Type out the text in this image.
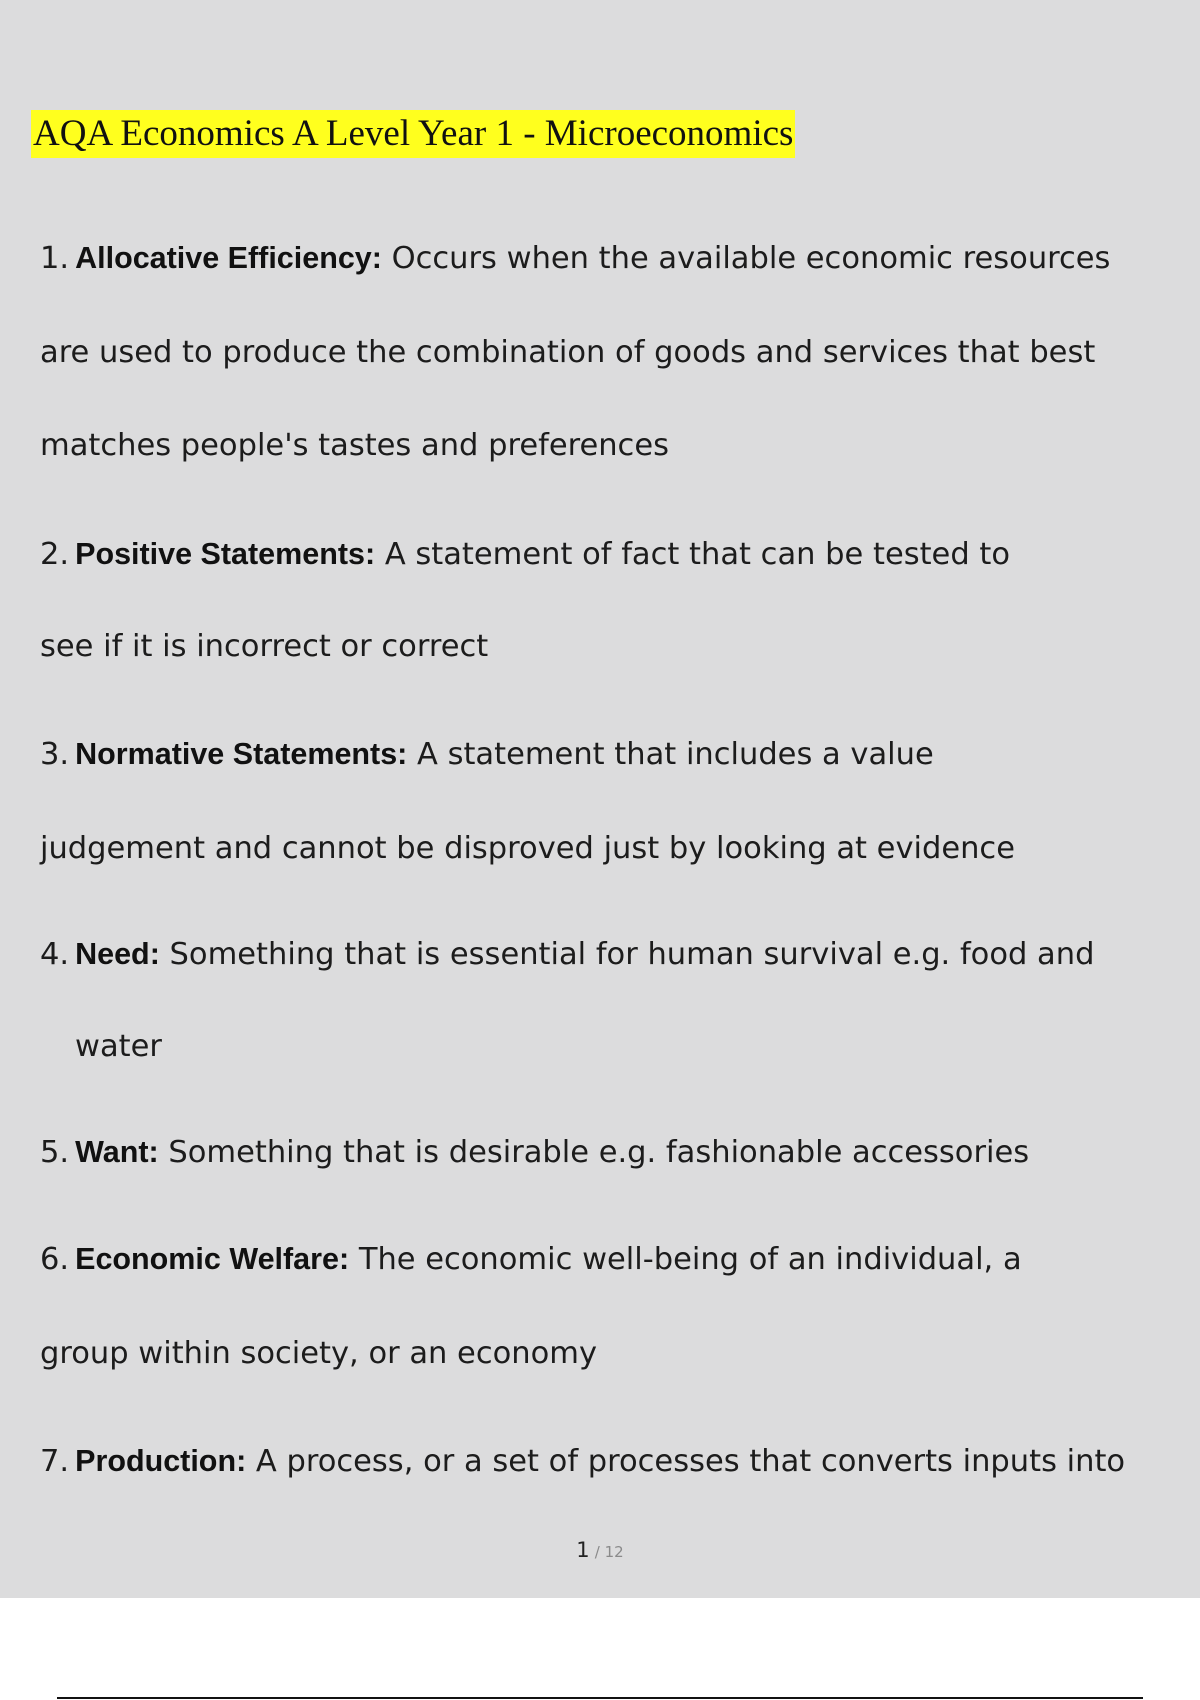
AQA Economics A Level Year 1 - Microeconomics
1. Allocative Efficiency: Occurs when the available economic resources
are used to produce the combination of goods and services that best
matches people's tastes and preferences
2. Positive Statements: A statement of fact that can be tested to
see if it is incorrect or correct
3. Normative Statements: A statement that includes a value
judgement and cannot be disproved just by looking at evidence
4. Need: Something that is essential for human survival e.g. food and
water
5. Want: Something that is desirable e.g. fashionable accessories
6. Economic Welfare: The economic well-being of an individual, a
group within society, or an economy
7. Production: A process, or a set of processes that converts inputs into
1 / 12
